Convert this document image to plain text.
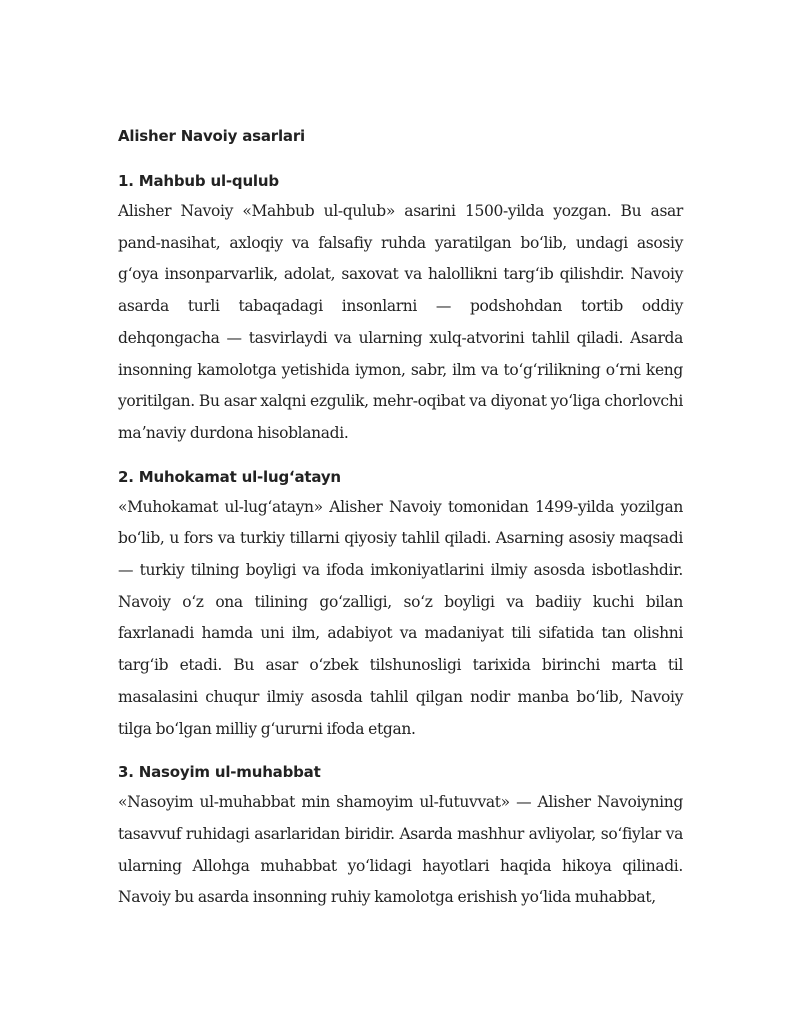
Alisher Navoiy asarlari
1. Mahbub ul-qulub

Alisher Navoiy «Mahbub ul-qulub» asarini 1500-yilda yozgan. Bu asar pand-nasihat, axloqiy va falsafiy ruhda yaratilgan boʻlib, undagi asosiy gʻoya insonparvarlik, adolat, saxovat va halollikni targʻib qilishdir. Navoiy asarda turli tabaqadagi insonlarni — podshohdan tortib oddiy dehqongacha — tasvirlaydi va ularning xulq-atvorini tahlil qiladi. Asarda insonning kamolotga yetishida iymon, sabr, ilm va toʻgʻrilikning oʻrni keng yoritilgan. Bu asar xalqni ezgulik, mehr-oqibat va diyonat yoʻliga chorlovchi maʼnaviy durdona hisoblanadi.

2. Muhokamat ul-lugʻatayn

«Muhokamat ul-lugʻatayn» Alisher Navoiy tomonidan 1499-yilda yozilgan boʻlib, u fors va turkiy tillarni qiyosiy tahlil qiladi. Asarning asosiy maqsadi — turkiy tilning boyligi va ifoda imkoniyatlarini ilmiy asosda isbotlashdir. Navoiy oʻz ona tilining goʻzalligi, soʻz boyligi va badiiy kuchi bilan faxrlanadi hamda uni ilm, adabiyot va madaniyat tili sifatida tan olishni targʻib etadi. Bu asar oʻzbek tilshunosligi tarixida birinchi marta til masalasini chuqur ilmiy asosda tahlil qilgan nodir manba boʻlib, Navoiy tilga boʻlgan milliy gʻururni ifoda etgan.

3. Nasoyim ul-muhabbat

«Nasoyim ul-muhabbat min shamoyim ul-futuvvat» — Alisher Navoiyning tasavvuf ruhidagi asarlaridan biridir. Asarda mashhur avliyolar, soʻfiylar va ularning Allohga muhabbat yoʻlidagi hayotlari haqida hikoya qilinadi. Navoiy bu asarda insonning ruhiy kamolotga erishish yoʻlida muhabbat,
